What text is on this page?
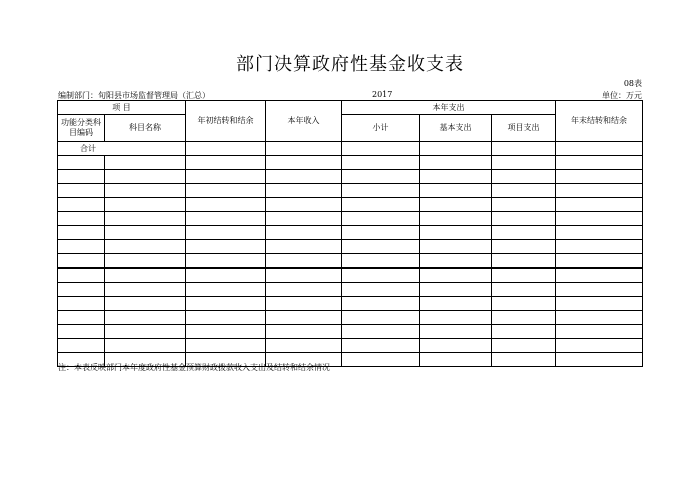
部门决算政府性基金收支表
08表
编制部门：旬阳县市场监督管理局（汇总）	2017	单位：万元
项 目		年初结转和结余	本年收入	本年支出			年末结转和结余
功能分类科目编码	科目名称			小计	基本支出	项目支出	
合计							

注：本表反映部门本年度政府性基金预算财政拨款收入支出及结转和结余情况
